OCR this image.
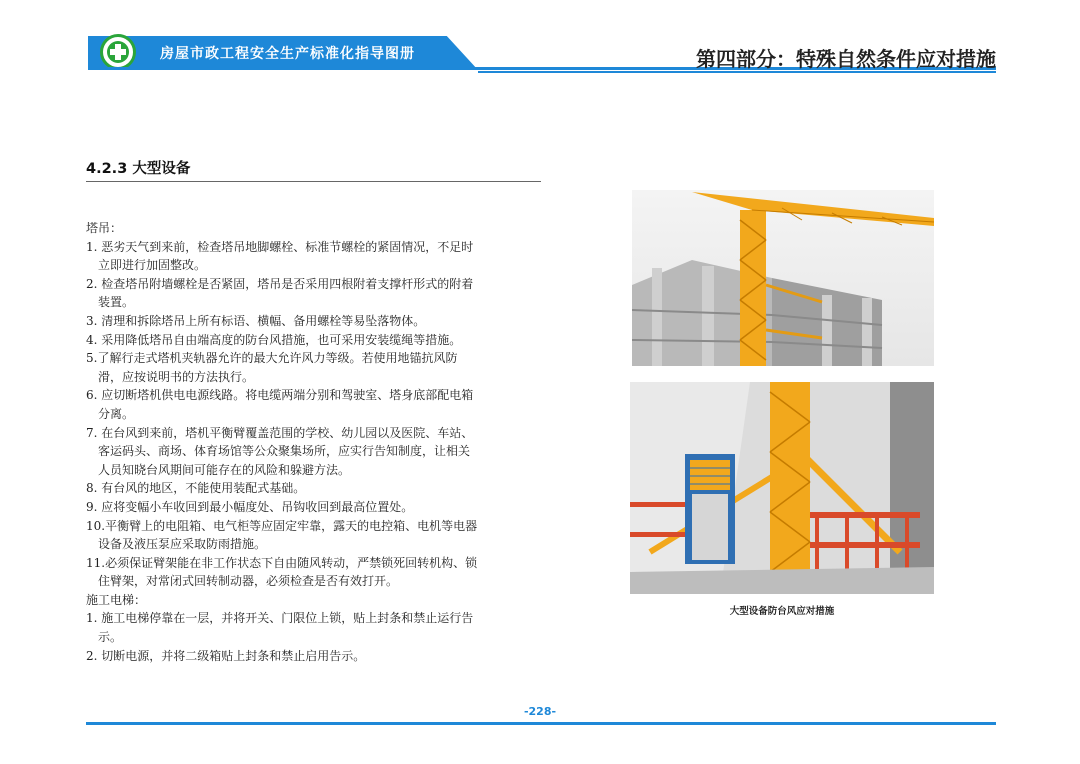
房屋市政工程安全生产标准化指导图册	第四部分：特殊自然条件应对措施
4.2.3 大型设备
塔吊：
1. 恶劣天气到来前，检查塔吊地脚螺栓、标准节螺栓的紧固情况，不足时
立即进行加固整改。
2. 检查塔吊附墙螺栓是否紧固，塔吊是否采用四根附着支撑杆形式的附着
装置。
3. 清理和拆除塔吊上所有标语、横幅、备用螺栓等易坠落物体。
4. 采用降低塔吊自由端高度的防台风措施，也可采用安装缆绳等措施。
5.了解行走式塔机夹轨器允许的最大允许风力等级。若使用地锚抗风防
滑，应按说明书的方法执行。
6. 应切断塔机供电电源线路。将电缆两端分别和驾驶室、塔身底部配电箱
分离。
7. 在台风到来前，塔机平衡臂覆盖范围的学校、幼儿园以及医院、车站、
客运码头、商场、体育场馆等公众聚集场所，应实行告知制度，让相关
人员知晓台风期间可能存在的风险和躲避方法。
8. 有台风的地区，不能使用装配式基础。
9. 应将变幅小车收回到最小幅度处、吊钩收回到最高位置处。
10.平衡臂上的电阻箱、电气柜等应固定牢靠，露天的电控箱、电机等电器
设备及液压泵应采取防雨措施。
11.必须保证臂架能在非工作状态下自由随风转动，严禁锁死回转机构、锁
住臂架，对常闭式回转制动器，必须检查是否有效打开。
施工电梯：
1. 施工电梯停靠在一层，并将开关、门限位上锁，贴上封条和禁止运行告
示。
2. 切断电源，并将二级箱贴上封条和禁止启用告示。
大型设备防台风应对措施
-228-
